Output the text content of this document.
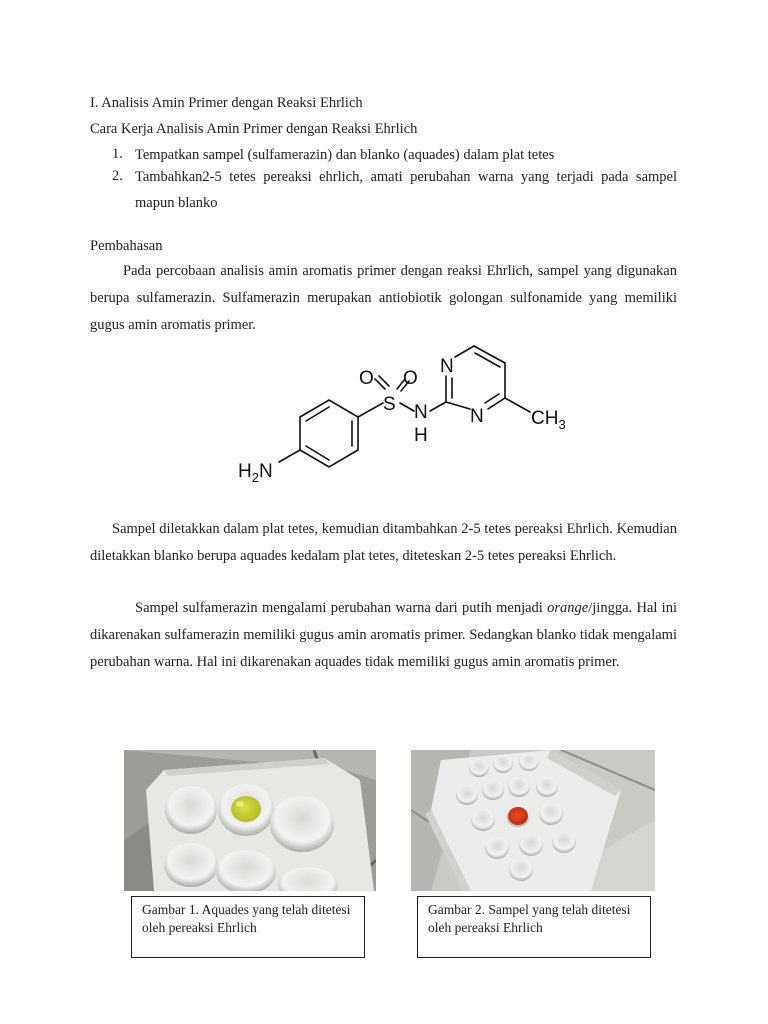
I. Analisis Amin Primer dengan Reaksi Ehrlich
Cara Kerja Analisis Amin Primer dengan Reaksi Ehrlich
1. Tempatkan sampel (sulfamerazin) dan blanko (aquades) dalam plat tetes
2. Tambahkan2-5 tetes pereaksi ehrlich, amati perubahan warna yang terjadi pada sampel mapun blanko
Pembahasan
Pada percobaan analisis amin aromatis primer dengan reaksi Ehrlich, sampel yang digunakan berupa sulfamerazin. Sulfamerazin merupakan antiobiotik golongan sulfonamide yang memiliki gugus amin aromatis primer.
O O
S N
H
N
N $CH_3$
$H_2N$
Sampel diletakkan dalam plat tetes, kemudian ditambahkan 2-5 tetes pereaksi Ehrlich. Kemudian diletakkan blanko berupa aquades kedalam plat tetes, diteteskan 2-5 tetes pereaksi Ehrlich.
Sampel sulfamerazin mengalami perubahan warna dari putih menjadi orange/jingga. Hal ini dikarenakan sulfamerazin memiliki gugus amin aromatis primer. Sedangkan blanko tidak mengalami perubahan warna. Hal ini dikarenakan aquades tidak memiliki gugus amin aromatis primer.
Gambar 1. Aquades yang telah ditetesi oleh pereaksi Ehrlich
Gambar 2. Sampel yang telah ditetesi oleh pereaksi Ehrlich
